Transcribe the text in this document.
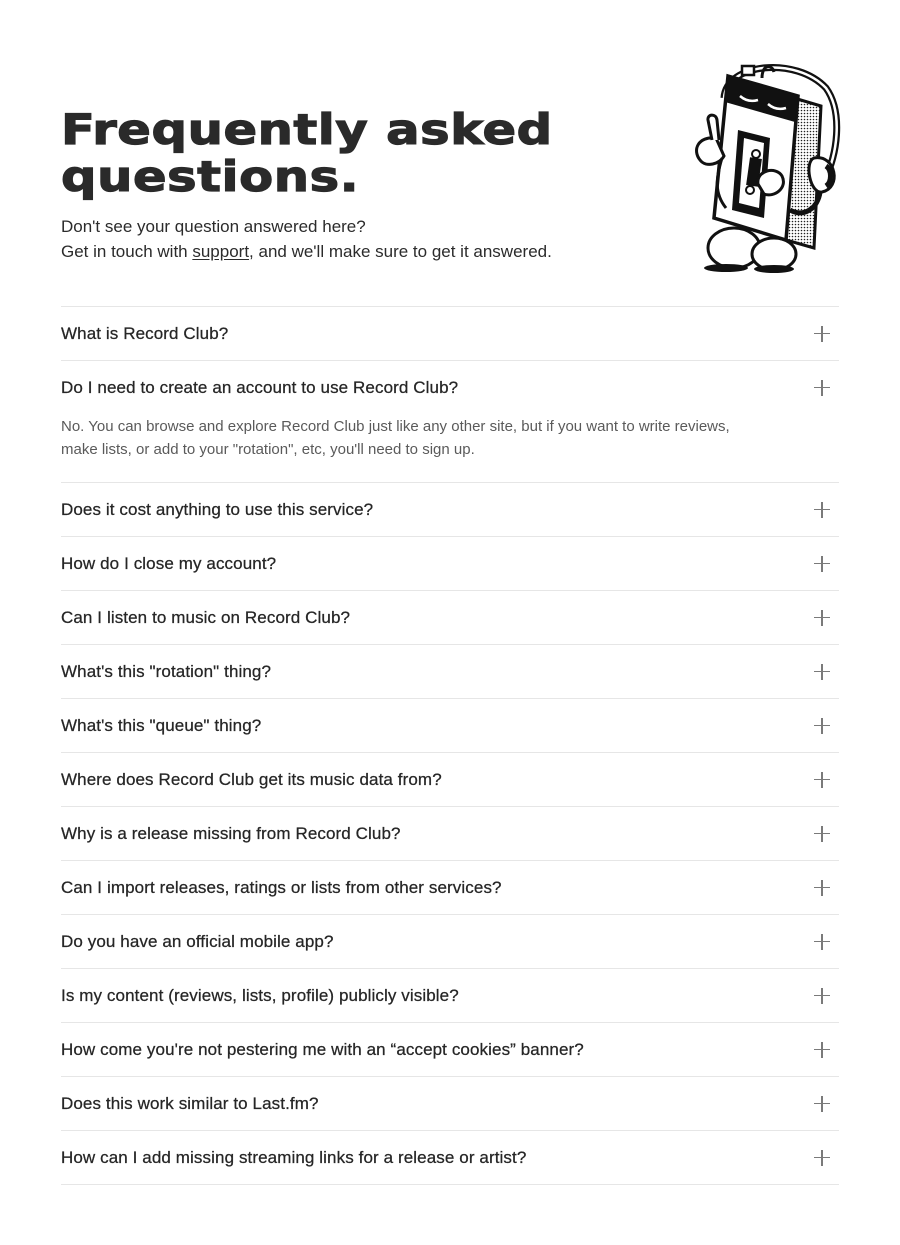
Frequently asked
questions.

Don't see your question answered here?
Get in touch with support, and we'll make sure to get it answered.

What is Record Club?
Do I need to create an account to use Record Club?
No. You can browse and explore Record Club just like any other site, but if you want to write reviews, make lists, or add to your "rotation", etc, you'll need to sign up.
Does it cost anything to use this service?
How do I close my account?
Can I listen to music on Record Club?
What's this "rotation" thing?
What's this "queue" thing?
Where does Record Club get its music data from?
Why is a release missing from Record Club?
Can I import releases, ratings or lists from other services?
Do you have an official mobile app?
Is my content (reviews, lists, profile) publicly visible?
How come you're not pestering me with an “accept cookies” banner?
Does this work similar to Last.fm?
How can I add missing streaming links for a release or artist?
